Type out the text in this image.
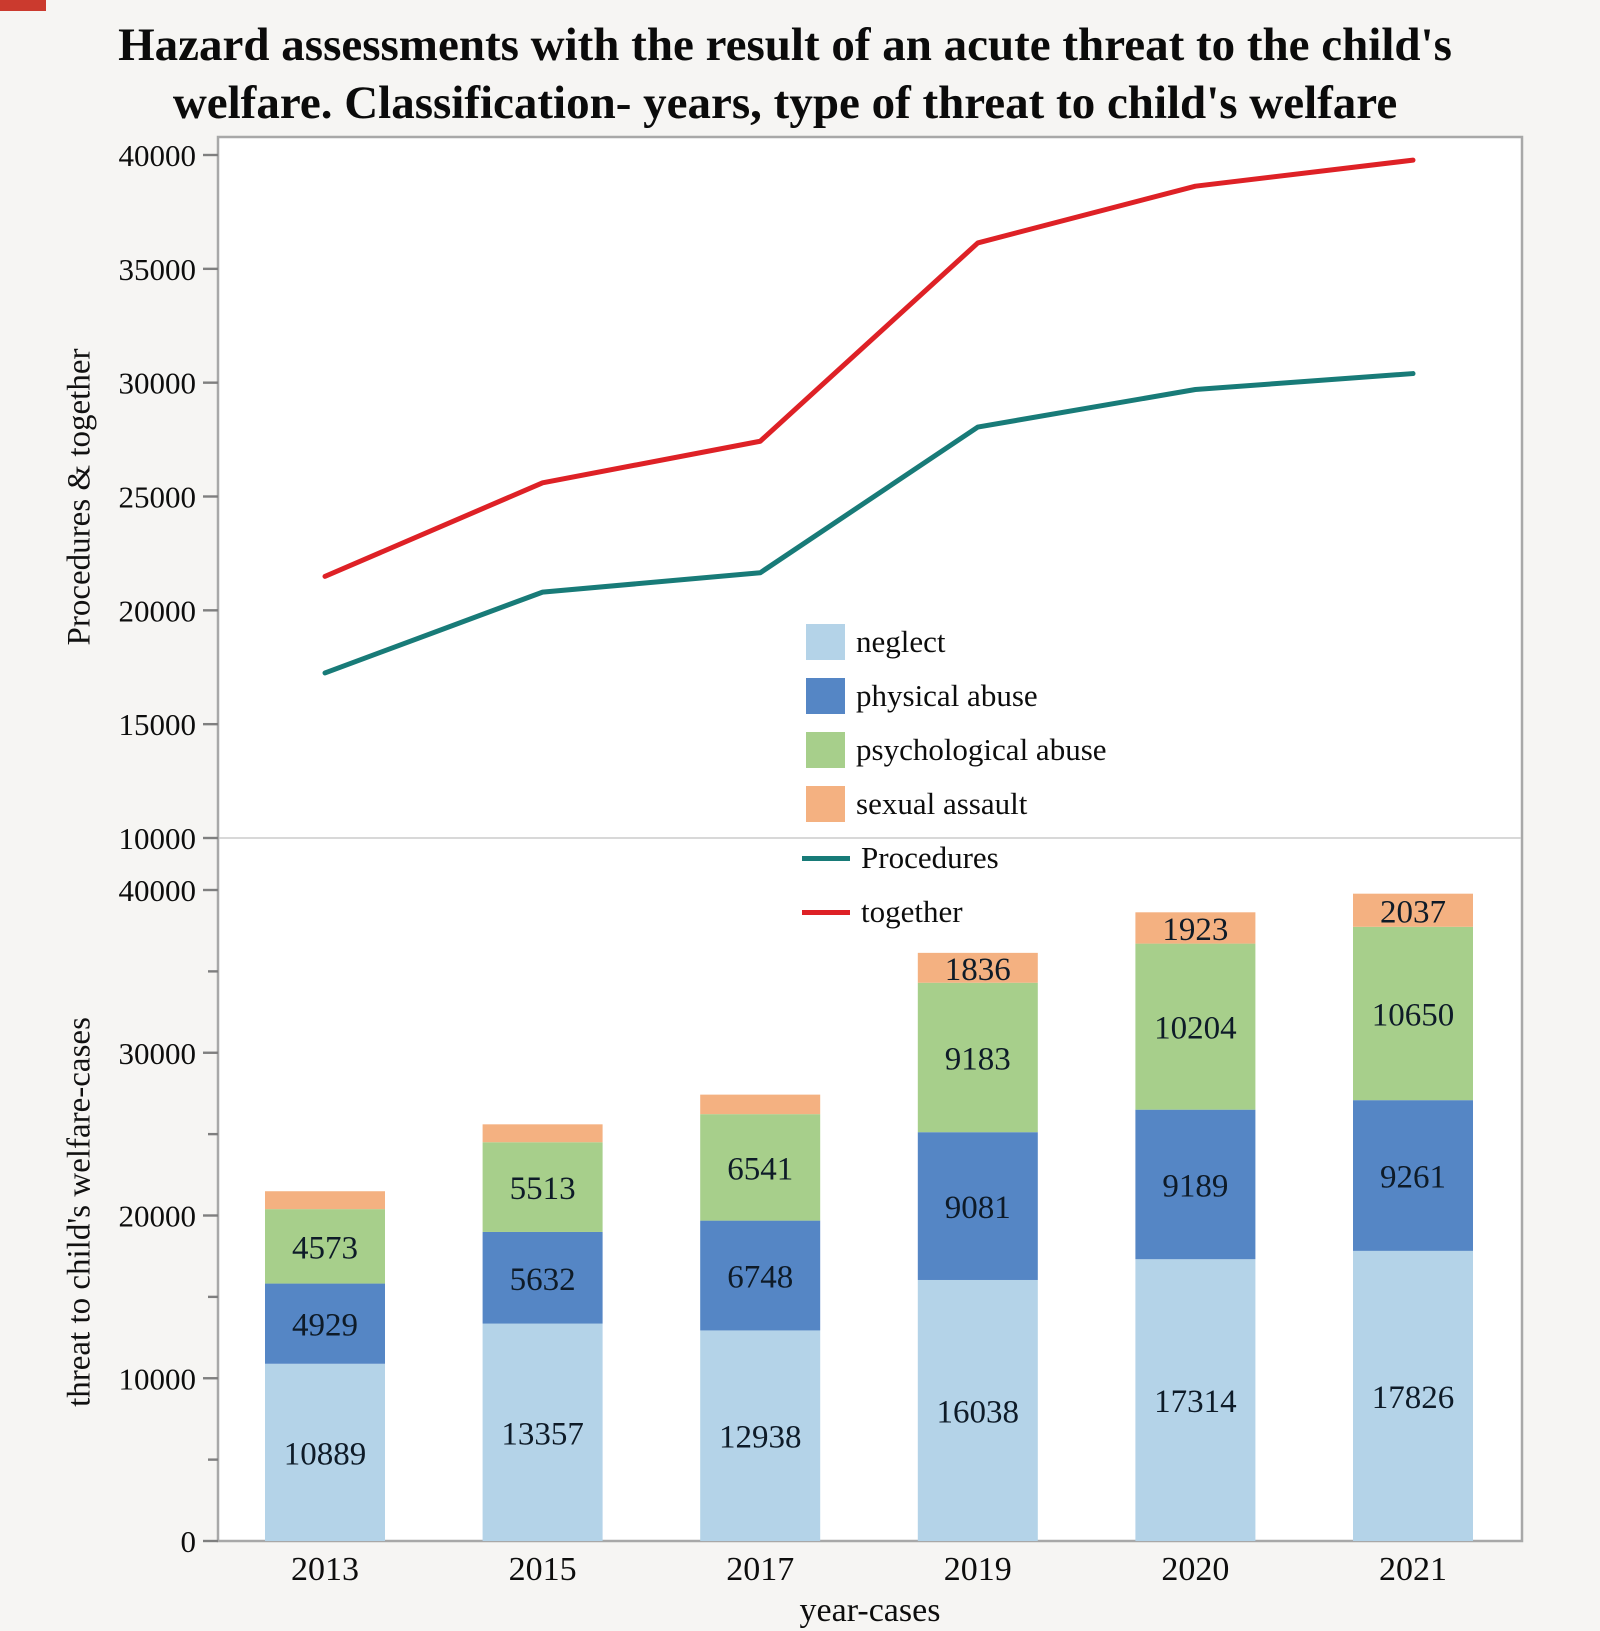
Hazard assessments with the result of an acute threat to the child's
welfare. Classification- years, type of threat to child's welfare
40000
35000
30000
25000
20000
15000
10000
40000
30000
20000
10000
0
10889
4929
4573
13357
5632
5513
12938
6748
6541
16038
9081
9183
1836
17314
9189
10204
1923
17826
9261
10650
2037
Procedures & together
threat to child's welfare-cases
2013	2015	2017	2019	2020	2021
year-cases
neglect
physical abuse
psychological abuse
sexual assault
Procedures
together
